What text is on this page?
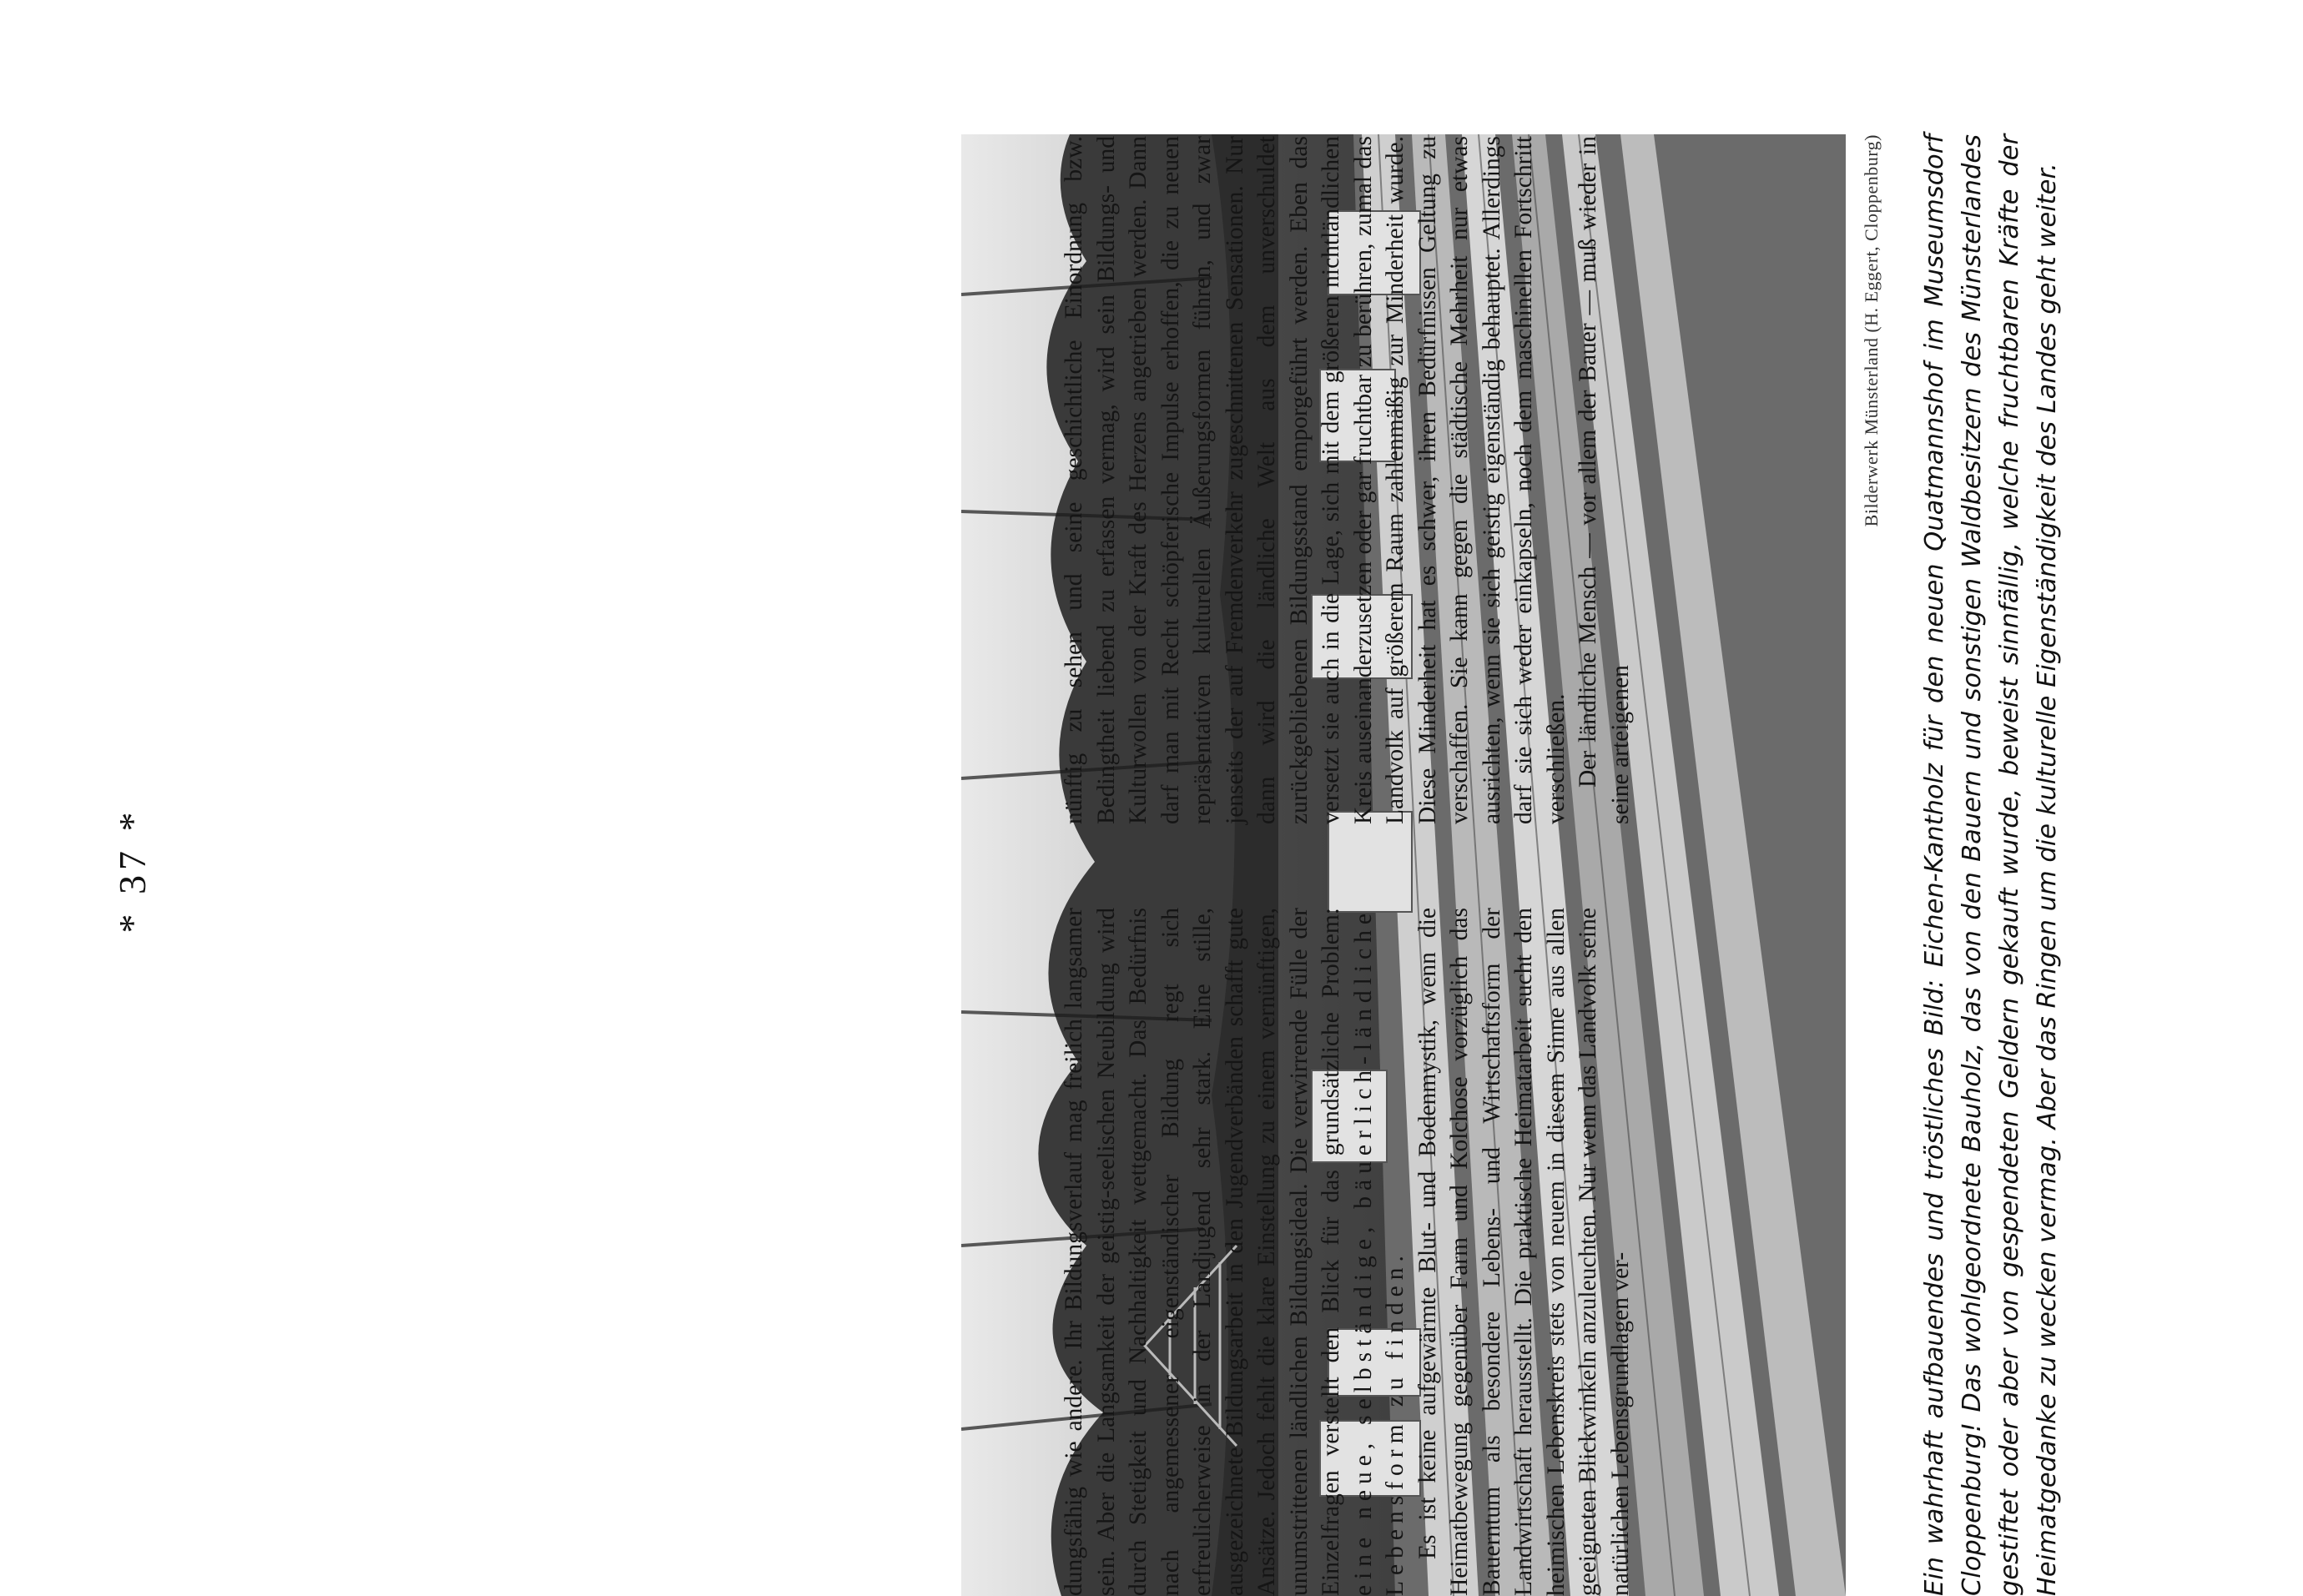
Bilderwerk Münsterland (H. Eggert, Cloppenburg) Ein wahrhaft aufbauendes und tröstliches Bild: Eichen-Kantholz für den neuen Quatmannshof im Museumsdorf Cloppenburg! Das wohlgeordnete Bauholz, das von den Bauern und sonstigen Waldbesitzern des Münsterlandes gestiftet oder aber von gespendeten Geldern gekauft wurde, beweist sinnfällig, welche fruchtbaren Kräfte der Heimatgedanke zu wecken vermag. Aber das Ringen um die kulturelle Eigenständigkeit des Landes geht weiter.

dungsfähig wie andere. Ihr Bildungsverlauf mag freilich langsamer sein. Aber die Langsamkeit der geistig-seelischen Neubildung wird durch Stetigkeit und Nachhaltigkeit wettgemacht. Das Bedürfnis nach angemessener eigenständischer Bildung regt sich erfreulicherweise in der Landjugend sehr stark. Eine stille, ausgezeichnete Bildungsarbeit in den Jugendverbänden schafft gute Ansätze. Jedoch fehlt die klare Einstellung zu einem vernünftigen, unumstrittenen ländlichen Bildungsideal. Die verwirrende Fülle der Einzelfragen verstellt den Blick für das grundsätzliche Problem: eine neue, selbständige, bäuerlich-ländliche Lebensform zu finden. Es ist keine aufgewärmte Blut- und Bodenmystik, wenn die Heimatbewegung gegenüber Farm und Kolchose vorzüglich das Bauerntum als besondere Lebens- und Wirtschaftsform der Landwirtschaft herausstellt. Die praktische Heimatarbeit sucht den heimischen Lebenskreis stets von neuem in diesem Sinne aus allen geeigneten Blickwinkeln anzuleuchten. Nur wenn das Landvolk seine natürlichen Lebensgrundlagen ver-

nünftig zu sehen und seine geschichtliche Einordnung bzw. Bedingtheit liebend zu erfassen vermag, wird sein Bildungs- und Kulturwollen von der Kraft des Herzens angetrieben werden. Dann darf man mit Recht schöpferische Impulse erhoffen, die zu neuen repräsentativen kulturellen Äußerungsformen führen, und zwar jenseits der auf Fremdenverkehr zugeschnittenen Sensationen. Nur dann wird die ländliche Welt aus dem unverschuldet zurückgebliebenen Bildungsstand emporgeführt werden. Eben das versetzt sie auch in die Lage, sich mit dem größeren nichtländlichen Kreis auseinanderzusetzen oder gar fruchtbar zu berühren, zumal das Landvolk auf größerem Raum zahlenmäßig zur Minderheit wurde. Diese Minderheit hat es schwer, ihren Bedürfnissen Geltung zu verschaffen. Sie kann gegen die städtische Mehrheit nur etwas ausrichten, wenn sie sich geistig eigenständig behauptet. Allerdings darf sie sich weder einkapseln, noch dem maschinellen Fortschritt verschließen. Der ländliche Mensch — vor allem der Bauer — muß wieder in seine arteigenen

* 37 *
